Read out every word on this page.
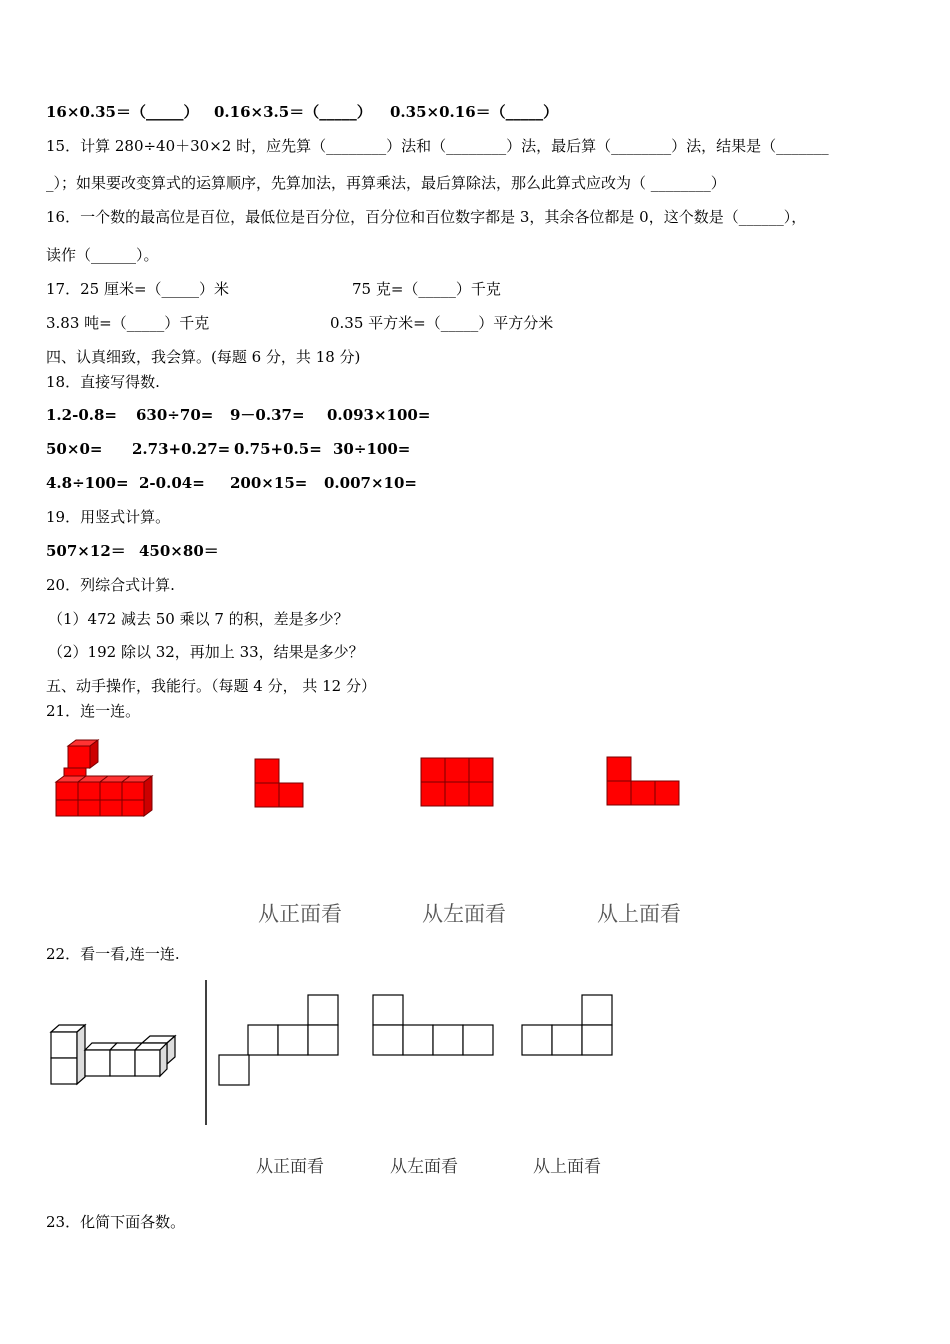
16×0.35＝（_____） 0.16×3.5＝（_____） 0.35×0.16＝（_____）
15．计算 280÷40＋30×2 时，应先算（________）法和（________）法，最后算（________）法，结果是（_______
_）；如果要改变算式的运算顺序，先算加法，再算乘法，最后算除法，那么此算式应改为（ ________）
16．一个数的最高位是百位，最低位是百分位，百分位和百位数字都是 3，其余各位都是 0，这个数是（______），
读作（______）。
17．25 厘米=（_____）米	75 克=（_____）千克
3.83 吨=（_____）千克	0.35 平方米=（_____）平方分米
四、认真细致，我会算。(每题 6 分，共 18 分)
18．直接写得数.
1.2-0.8= 630÷70= 9－0.37= 0.093×100=
50×0= 2.73+0.27= 0.75+0.5= 30÷100=
4.8÷100= 2-0.04= 200×15= 0.007×10=
19．用竖式计算。
507×12＝ 450×80＝
20．列综合式计算.
（1）472 减去 50 乘以 7 的积，差是多少？
（2）192 除以 32，再加上 33，结果是多少？
五、动手操作，我能行。（每题 4 分， 共 12 分）
21．连一连。
从正面看	从左面看	从上面看
22．看一看,连一连.
从正面看	从左面看	从上面看
23．化简下面各数。
